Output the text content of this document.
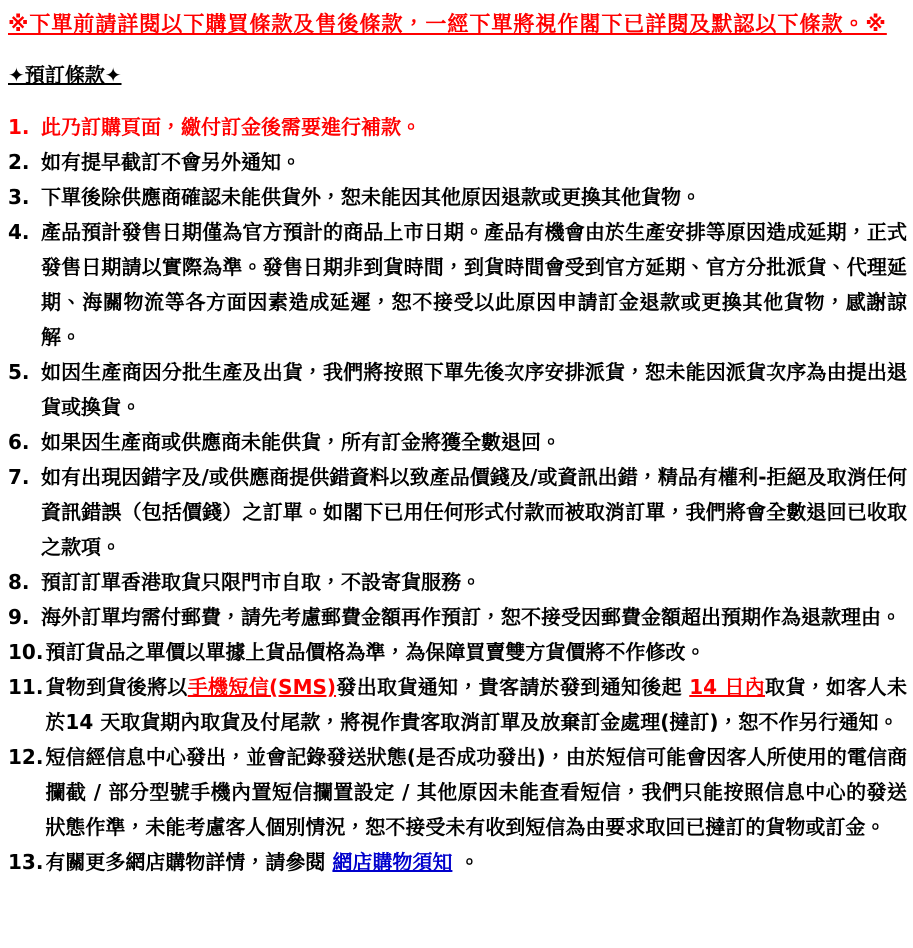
※下單前請詳閱以下購買條款及售後條款，一經下單將視作閣下已詳閱及默認以下條款。※
✦預訂條款✦
1. 此乃訂購頁面，繳付訂金後需要進行補款。
2. 如有提早截訂不會另外通知。
3. 下單後除供應商確認未能供貨外，恕未能因其他原因退款或更換其他貨物。
4. 產品預計發售日期僅為官方預計的商品上市日期。產品有機會由於生產安排等原因造成延期，正式發售日期請以實際為準。發售日期非到貨時間，到貨時間會受到官方延期、官方分批派貨、代理延期、海關物流等各方面因素造成延遲，恕不接受以此原因申請訂金退款或更換其他貨物，感謝諒解。
5. 如因生產商因分批生產及出貨，我們將按照下單先後次序安排派貨，恕未能因派貨次序為由提出退貨或換貨。
6. 如果因生產商或供應商未能供貨，所有訂金將獲全數退回。
7. 如有出現因錯字及/或供應商提供錯資料以致產品價錢及/或資訊出錯，精品有權利-拒絕及取消任何資訊錯誤（包括價錢）之訂單。如閣下已用任何形式付款而被取消訂單，我們將會全數退回已收取之款項。
8. 預訂訂單香港取貨只限門市自取，不設寄貨服務。
9. 海外訂單均需付郵費，請先考慮郵費金額再作預訂，恕不接受因郵費金額超出預期作為退款理由。
10. 預訂貨品之單價以單據上貨品價格為準，為保障買賣雙方貨價將不作修改。
11. 貨物到貨後將以手機短信(SMS)發出取貨通知，貴客請於發到通知後起 14 日內取貨，如客人未於14 天取貨期內取貨及付尾款，將視作貴客取消訂單及放棄訂金處理(撻訂)，恕不作另行通知。
12. 短信經信息中心發出，並會記錄發送狀態(是否成功發出)，由於短信可能會因客人所使用的電信商攔截 / 部分型號手機內置短信攔置設定 / 其他原因未能查看短信，我們只能按照信息中心的發送狀態作準，未能考慮客人個別情況，恕不接受未有收到短信為由要求取回已撻訂的貨物或訂金。
13. 有關更多網店購物詳情，請參閱 網店購物須知 。
